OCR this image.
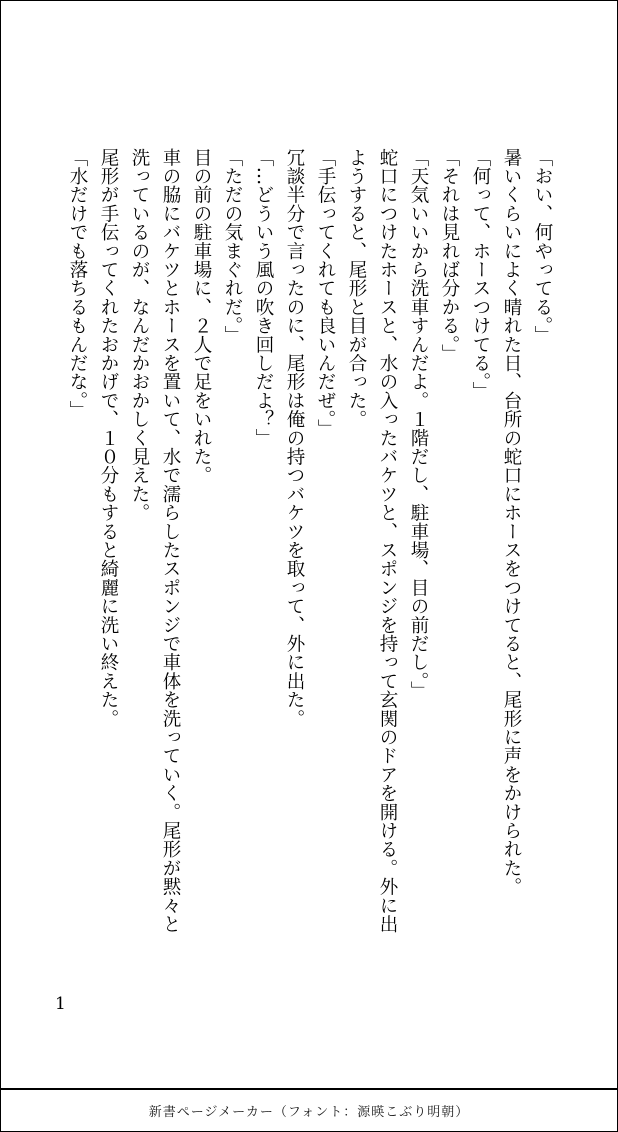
「おい、何やってる。」
暑いくらいによく晴れた日、台所の蛇口にホースをつけてると、尾形に声をかけられた。
「何って、ホースつけてる。」
「それは見れば分かる。」
「天気いいから洗車すんだよ。１階だし、駐車場、目の前だし。」
蛇口につけたホースと、水の入ったバケツと、スポンジを持って玄関のドアを開ける。外に出
ようすると、尾形と目が合った。
「手伝ってくれても良いんだぜ。」
冗談半分で言ったのに、尾形は俺の持つバケツを取って、外に出た。
「…どういう風の吹き回しだよ？」
「ただの気まぐれだ。」
目の前の駐車場に、２人で足をいれた。
車の脇にバケツとホースを置いて、水で濡らしたスポンジで車体を洗っていく。尾形が黙々と
洗っているのが、なんだかおかしく見えた。
尾形が手伝ってくれたおかげで、１０分もすると綺麗に洗い終えた。
「水だけでも落ちるもんだな。」
1
新書ページメーカー（フォント：源暎こぶり明朝）
